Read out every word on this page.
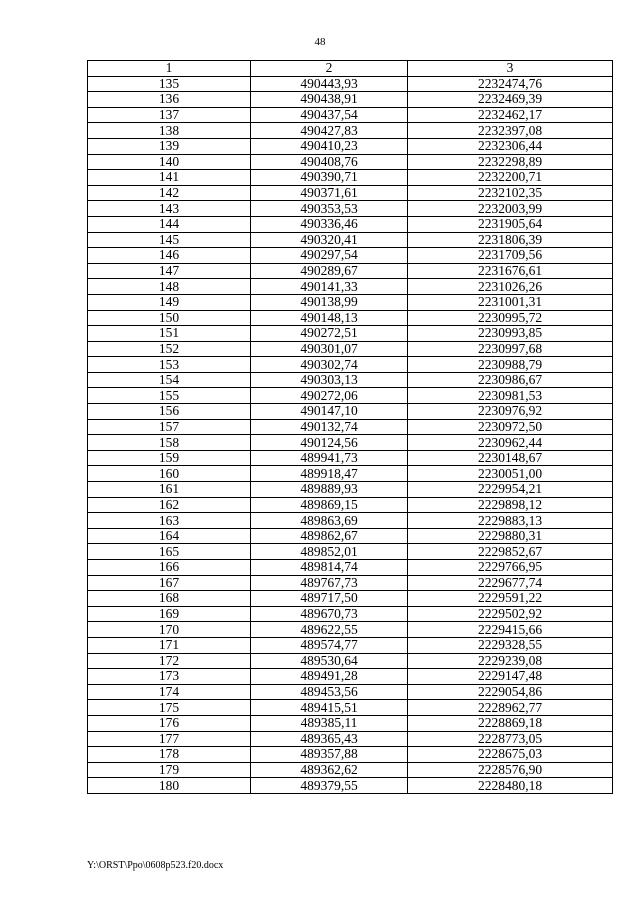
48
1	2	3
135	490443,93	2232474,76
136	490438,91	2232469,39
137	490437,54	2232462,17
138	490427,83	2232397,08
139	490410,23	2232306,44
140	490408,76	2232298,89
141	490390,71	2232200,71
142	490371,61	2232102,35
143	490353,53	2232003,99
144	490336,46	2231905,64
145	490320,41	2231806,39
146	490297,54	2231709,56
147	490289,67	2231676,61
148	490141,33	2231026,26
149	490138,99	2231001,31
150	490148,13	2230995,72
151	490272,51	2230993,85
152	490301,07	2230997,68
153	490302,74	2230988,79
154	490303,13	2230986,67
155	490272,06	2230981,53
156	490147,10	2230976,92
157	490132,74	2230972,50
158	490124,56	2230962,44
159	489941,73	2230148,67
160	489918,47	2230051,00
161	489889,93	2229954,21
162	489869,15	2229898,12
163	489863,69	2229883,13
164	489862,67	2229880,31
165	489852,01	2229852,67
166	489814,74	2229766,95
167	489767,73	2229677,74
168	489717,50	2229591,22
169	489670,73	2229502,92
170	489622,55	2229415,66
171	489574,77	2229328,55
172	489530,64	2229239,08
173	489491,28	2229147,48
174	489453,56	2229054,86
175	489415,51	2228962,77
176	489385,11	2228869,18
177	489365,43	2228773,05
178	489357,88	2228675,03
179	489362,62	2228576,90
180	489379,55	2228480,18
Y:\ORST\Ppo\0608p523.f20.docx
